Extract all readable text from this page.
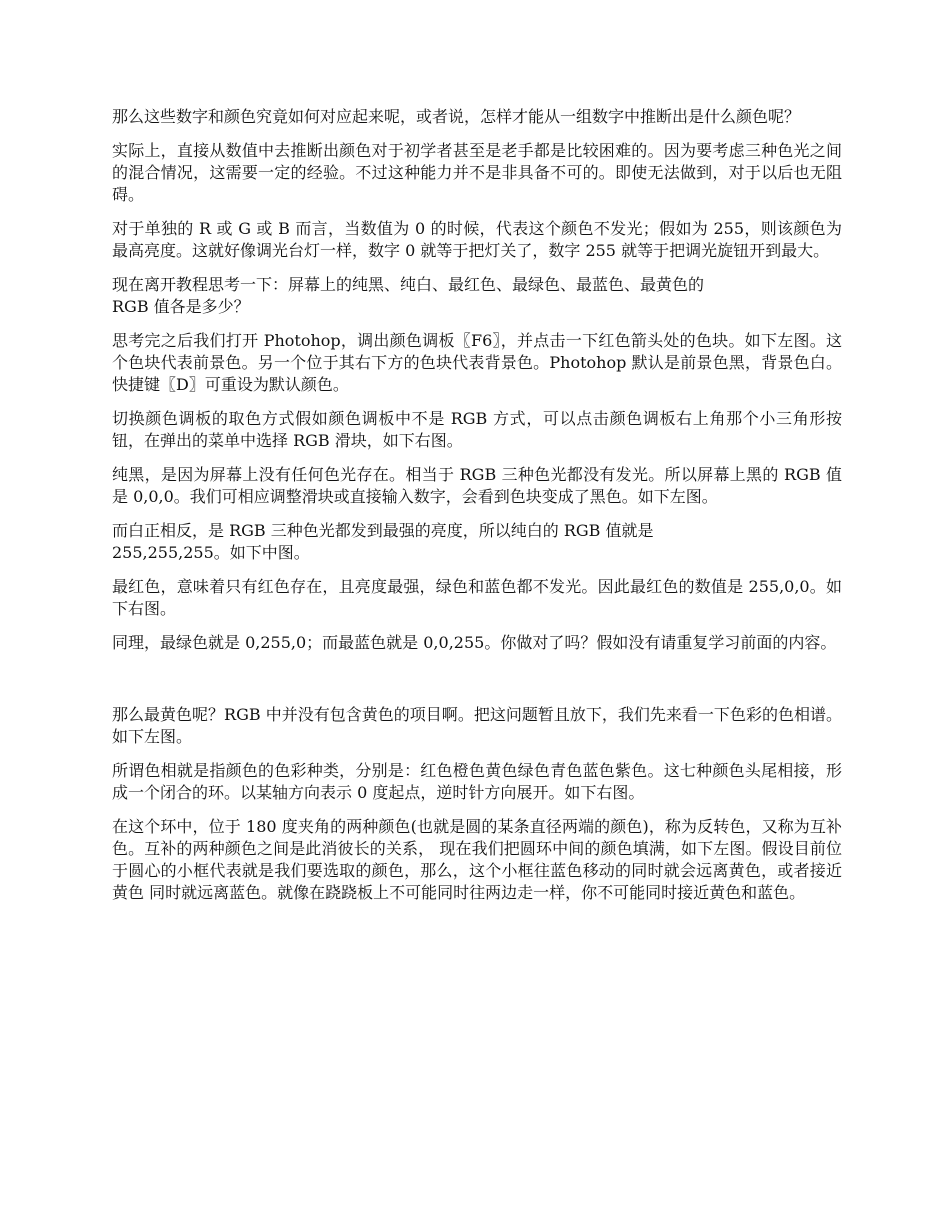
那么这些数字和颜色究竟如何对应起来呢，或者说，怎样才能从一组数字中推断出是什么颜色呢？

实际上，直接从数值中去推断出颜色对于初学者甚至是老手都是比较困难的。因为要考虑三种色光之间的混合情况，这需要一定的经验。不过这种能力并不是非具备不可的。即使无法做到，对于以后也无阻碍。

对于单独的 R 或 G 或 B 而言，当数值为 0 的时候，代表这个颜色不发光；假如为 255，则该颜色为最高亮度。这就好像调光台灯一样，数字 0 就等于把灯关了，数字 255 就等于把调光旋钮开到最大。

现在离开教程思考一下：屏幕上的纯黑、纯白、最红色、最绿色、最蓝色、最黄色的
RGB 值各是多少？

思考完之后我们打开 Photohop，调出颜色调板〖F6〗，并点击一下红色箭头处的色块。如下左图。这个色块代表前景色。另一个位于其右下方的色块代表背景色。Photohop 默认是前景色黑，背景色白。快捷键〖D〗可重设为默认颜色。

切换颜色调板的取色方式假如颜色调板中不是 RGB 方式，可以点击颜色调板右上角那个小三角形按钮，在弹出的菜单中选择 RGB 滑块，如下右图。

纯黑，是因为屏幕上没有任何色光存在。相当于 RGB 三种色光都没有发光。所以屏幕上黑的 RGB 值是 0,0,0。我们可相应调整滑块或直接输入数字，会看到色块变成了黑色。如下左图。

而白正相反，是 RGB 三种色光都发到最强的亮度，所以纯白的 RGB 值就是
255,255,255。如下中图。

最红色，意味着只有红色存在，且亮度最强，绿色和蓝色都不发光。因此最红色的数值是 255,0,0。如下右图。

同理，最绿色就是 0,255,0；而最蓝色就是 0,0,255。你做对了吗？假如没有请重复学习前面的内容。

那么最黄色呢？RGB 中并没有包含黄色的项目啊。把这问题暂且放下，我们先来看一下色彩的色相谱。如下左图。

所谓色相就是指颜色的色彩种类，分别是：红色橙色黄色绿色青色蓝色紫色。这七种颜色头尾相接，形成一个闭合的环。以某轴方向表示 0 度起点，逆时针方向展开。如下右图。

在这个环中，位于 180 度夹角的两种颜色(也就是圆的某条直径两端的颜色)，称为反转色，又称为互补色。互补的两种颜色之间是此消彼长的关系， 现在我们把圆环中间的颜色填满，如下左图。假设目前位于圆心的小框代表就是我们要选取的颜色，那么，这个小框往蓝色移动的同时就会远离黄色，或者接近黄色 同时就远离蓝色。就像在跷跷板上不可能同时往两边走一样，你不可能同时接近黄色和蓝色。
